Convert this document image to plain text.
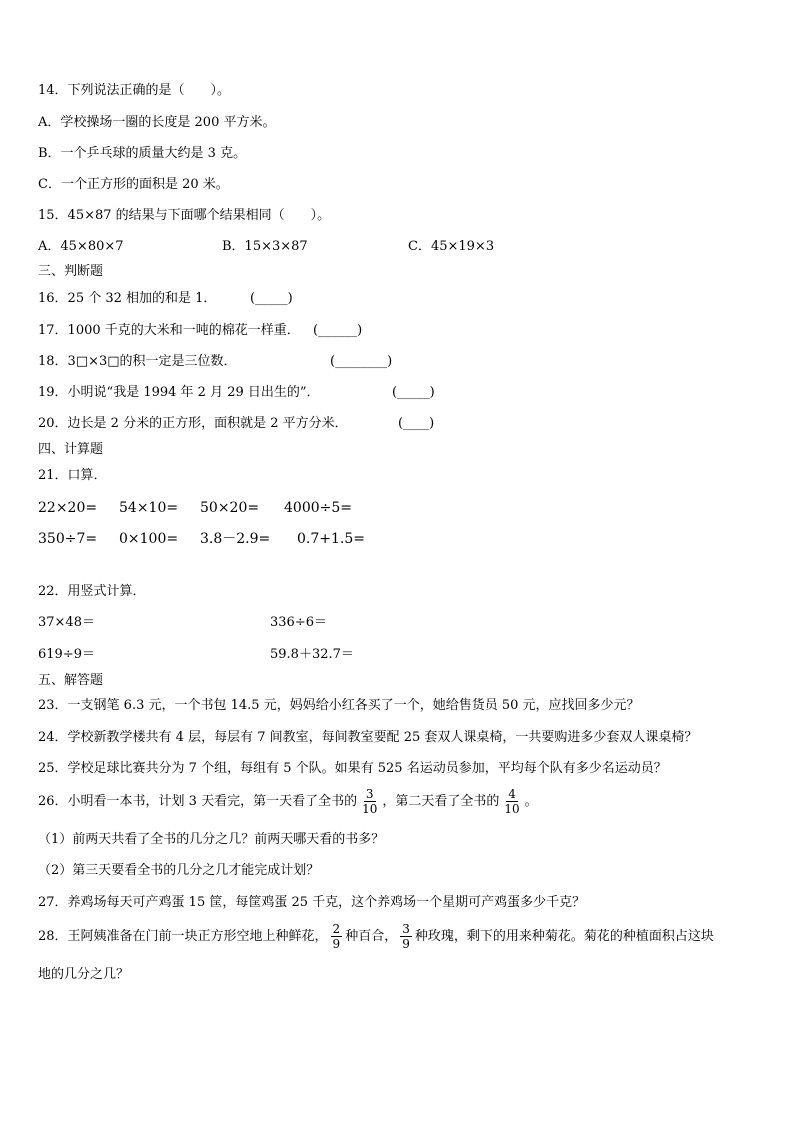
14．下列说法正确的是（　　）。
A．学校操场一圈的长度是 200 平方米。
B．一个乒乓球的质量大约是 3 克。
C．一个正方形的面积是 20 米。
15．45×87 的结果与下面哪个结果相同（　　）。
A．45×80×7	B．15×3×87	C．45×19×3
三、判断题
16．25 个 32 相加的和是 1．	(_____)
17．1000 千克的大米和一吨的棉花一样重． (______)
18．3□×3□的积一定是三位数．	(________)
19．小明说“我是 1994 年 2 月 29 日出生的”．	(_____)
20．边长是 2 分米的正方形，面积就是 2 平方分米．	(____)
四、计算题
21．口算．
22×20= 54×10= 50×20= 4000÷5=
350÷7= 0×100= 3.8－2.9= 0.7+1.5=
22．用竖式计算．
37×48＝	336÷6＝
619÷9＝	59.8＋32.7＝
五、解答题
23．一支钢笔 6.3 元，一个书包 14.5 元，妈妈给小红各买了一个，她给售货员 50 元，应找回多少元？
24．学校新教学楼共有 4 层，每层有 7 间教室，每间教室要配 25 套双人课桌椅，一共要购进多少套双人课桌椅？
25．学校足球比赛共分为 7 个组，每组有 5 个队。如果有 525 名运动员参加，平均每个队有多少名运动员？
26．小明看一本书，计划 3 天看完，第一天看了全书的 $\frac{3}{10}$ ，第二天看了全书的 $\frac{4}{10}$ 。
（1）前两天共看了全书的几分之几？前两天哪天看的书多？
（2）第三天要看全书的几分之几才能完成计划？
27．养鸡场每天可产鸡蛋 15 筐，每筐鸡蛋 25 千克，这个养鸡场一个星期可产鸡蛋多少千克？
28．王阿姨准备在门前一块正方形空地上种鲜花， $\frac{2}{9}$ 种百合， $\frac{3}{9}$ 种玫瑰，剩下的用来种菊花。菊花的种植面积占这块
地的几分之几？
